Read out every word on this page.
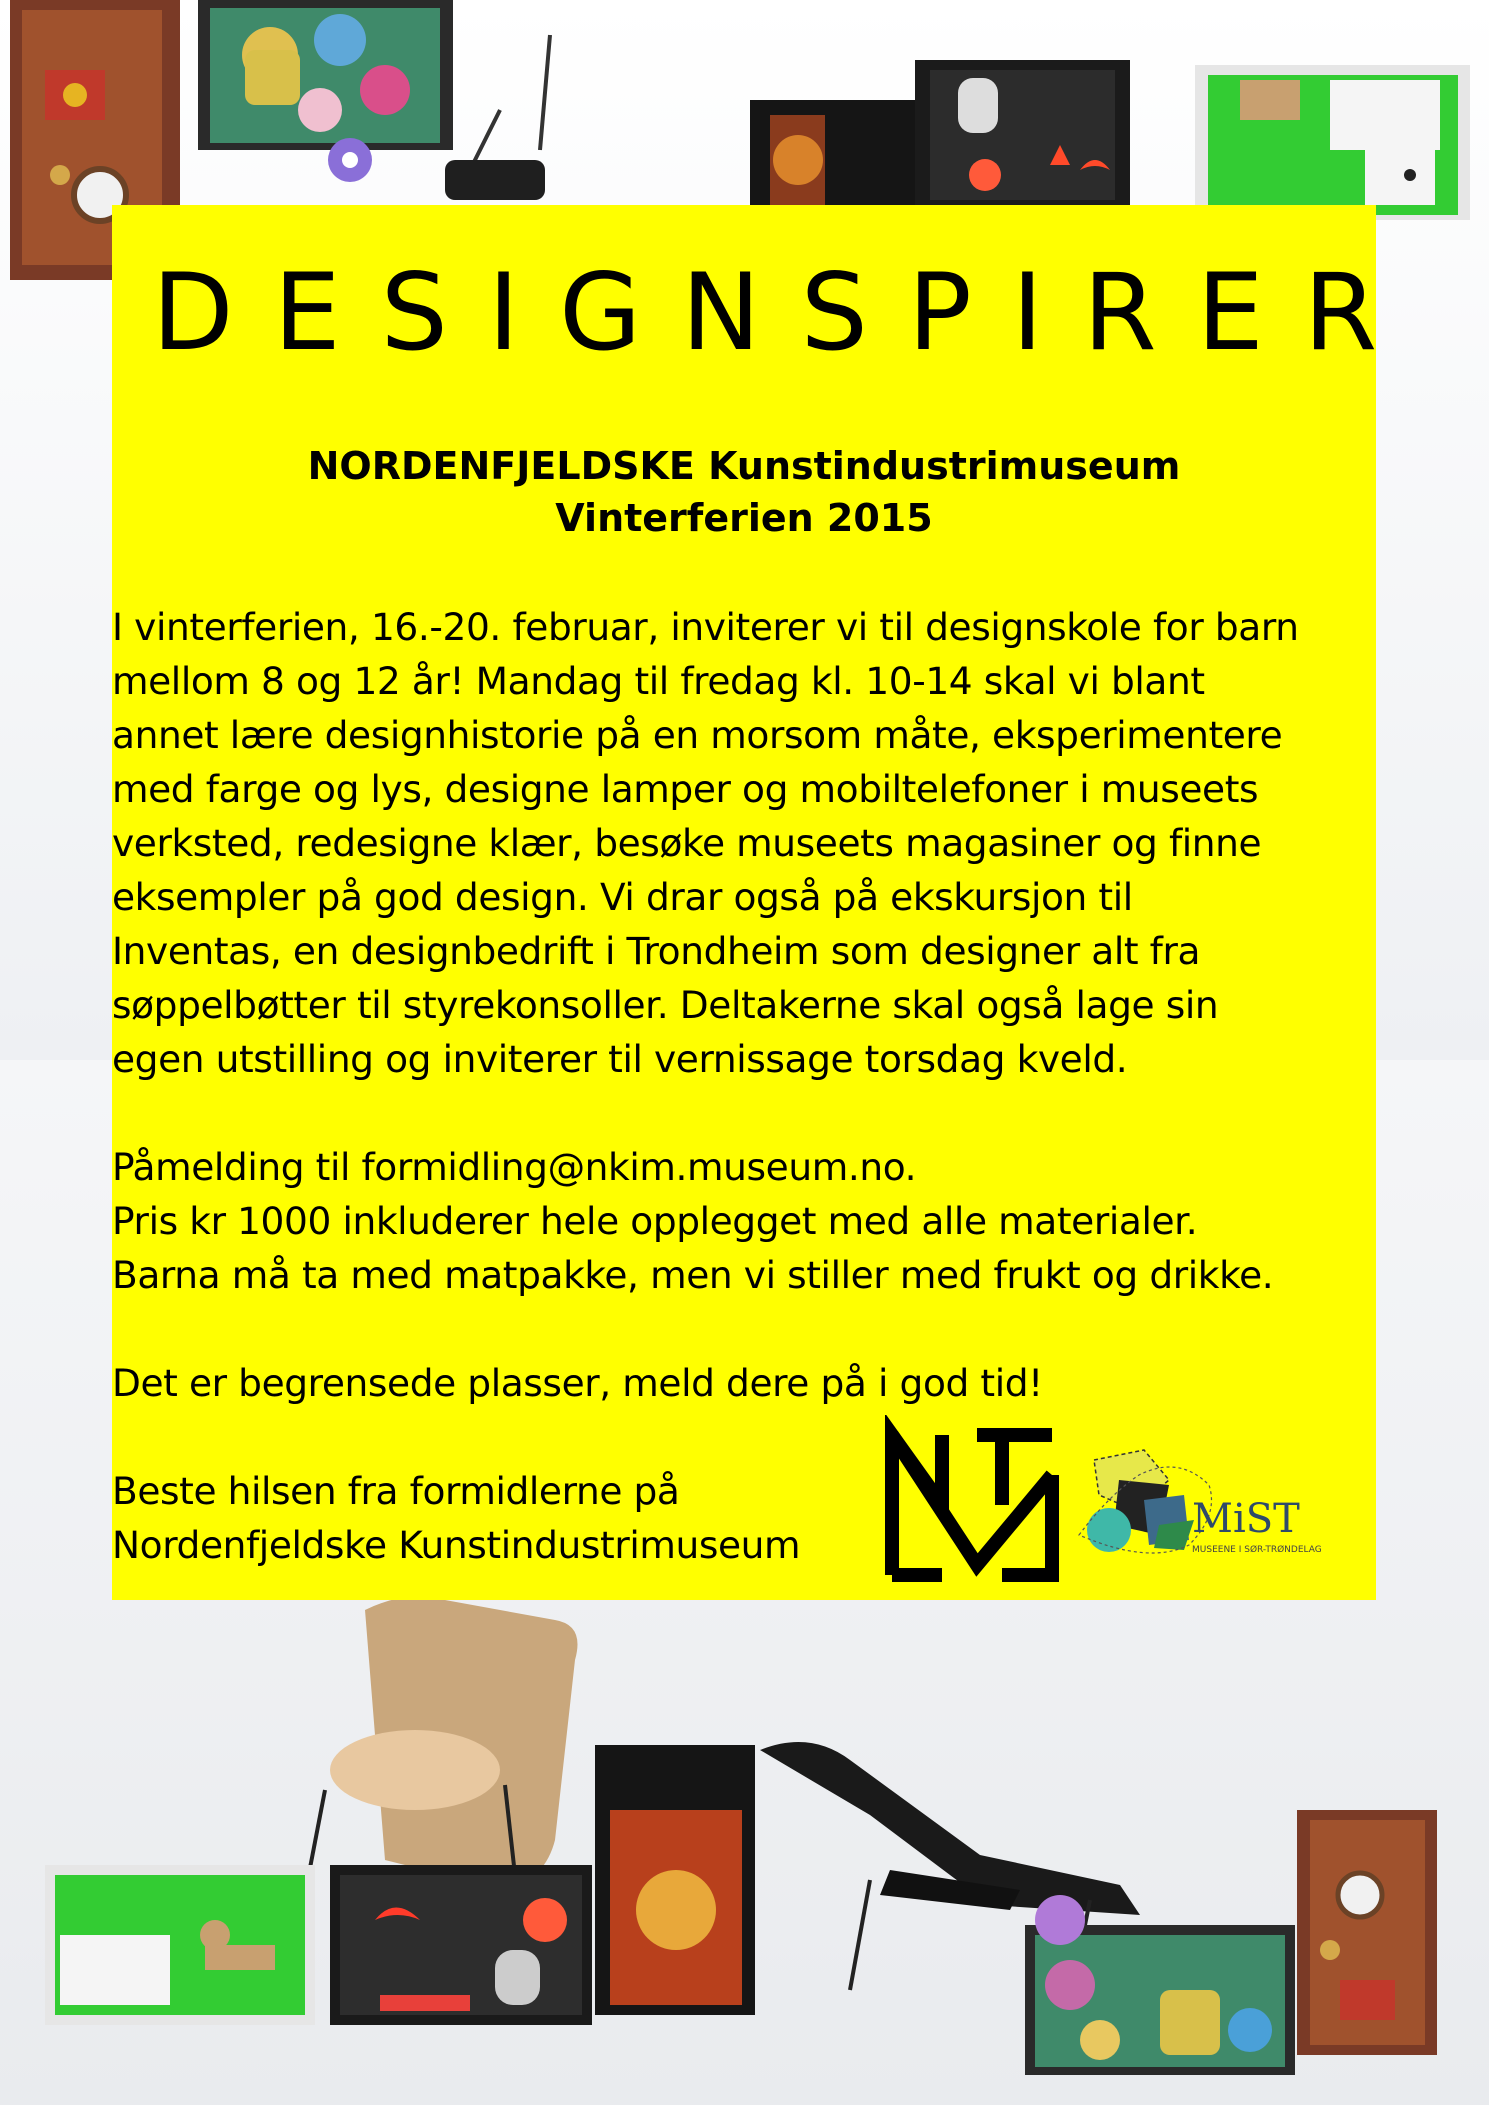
DESIGNSPIRER
NORDENFJELDSKE Kunstindustrimuseum
Vinterferien 2015

I vinterferien, 16.-20. februar, inviterer vi til designskole for barn
mellom 8 og 12 år! Mandag til fredag kl. 10-14 skal vi blant
annet lære designhistorie på en morsom måte, eksperimentere
med farge og lys, designe lamper og mobiltelefoner i museets
verksted, redesigne klær, besøke museets magasiner og finne
eksempler på god design. Vi drar også på ekskursjon til
Inventas, en designbedrift i Trondheim som designer alt fra
søppelbøtter til styrekonsoller. Deltakerne skal også lage sin
egen utstilling og inviterer til vernissage torsdag kveld.

Påmelding til formidling@nkim.museum.no.
Pris kr 1000 inkluderer hele opplegget med alle materialer.
Barna må ta med matpakke, men vi stiller med frukt og drikke.

Det er begrensede plasser, meld dere på i god tid!

Beste hilsen fra formidlerne på
Nordenfjeldske Kunstindustrimuseum

MiST
MUSEENE I SØR-TRØNDELAG
